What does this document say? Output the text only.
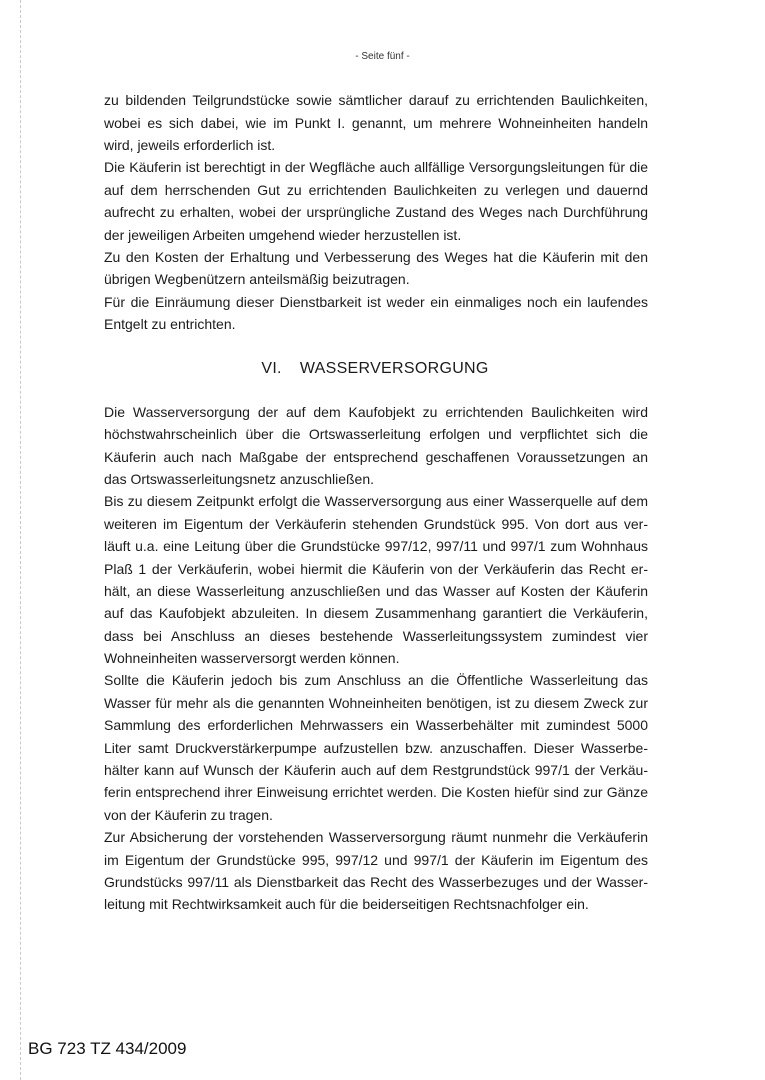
- Seite fünf -
zu bildenden Teilgrundstücke sowie sämtlicher darauf zu errichtenden Baulichkeiten,
wobei es sich dabei, wie im Punkt I. genannt, um mehrere Wohneinheiten handeln
wird, jeweils erforderlich ist.
Die Käuferin ist berechtigt in der Wegfläche auch allfällige Versorgungsleitungen für die
auf dem herrschenden Gut zu errichtenden Baulichkeiten zu verlegen und dauernd
aufrecht zu erhalten, wobei der ursprüngliche Zustand des Weges nach Durchführung
der jeweiligen Arbeiten umgehend wieder herzustellen ist.
Zu den Kosten der Erhaltung und Verbesserung des Weges hat die Käuferin mit den
übrigen Wegbenützern anteilsmäßig beizutragen.
Für die Einräumung dieser Dienstbarkeit ist weder ein einmaliges noch ein laufendes
Entgelt zu entrichten.
VI. WASSERVERSORGUNG
Die Wasserversorgung der auf dem Kaufobjekt zu errichtenden Baulichkeiten wird
höchstwahrscheinlich über die Ortswasserleitung erfolgen und verpflichtet sich die
Käuferin auch nach Maßgabe der entsprechend geschaffenen Voraussetzungen an
das Ortswasserleitungsnetz anzuschließen.
Bis zu diesem Zeitpunkt erfolgt die Wasserversorgung aus einer Wasserquelle auf dem
weiteren im Eigentum der Verkäuferin stehenden Grundstück 995. Von dort aus ver-
läuft u.a. eine Leitung über die Grundstücke 997/12, 997/11 und 997/1 zum Wohnhaus
Plaß 1 der Verkäuferin, wobei hiermit die Käuferin von der Verkäuferin das Recht er-
hält, an diese Wasserleitung anzuschließen und das Wasser auf Kosten der Käuferin
auf das Kaufobjekt abzuleiten. In diesem Zusammenhang garantiert die Verkäuferin,
dass bei Anschluss an dieses bestehende Wasserleitungssystem zumindest vier
Wohneinheiten wasserversorgt werden können.
Sollte die Käuferin jedoch bis zum Anschluss an die Öffentliche Wasserleitung das
Wasser für mehr als die genannten Wohneinheiten benötigen, ist zu diesem Zweck zur
Sammlung des erforderlichen Mehrwassers ein Wasserbehälter mit zumindest 5000
Liter samt Druckverstärkerpumpe aufzustellen bzw. anzuschaffen. Dieser Wasserbe-
hälter kann auf Wunsch der Käuferin auch auf dem Restgrundstück 997/1 der Verkäu-
ferin entsprechend ihrer Einweisung errichtet werden. Die Kosten hiefür sind zur Gänze
von der Käuferin zu tragen.
Zur Absicherung der vorstehenden Wasserversorgung räumt nunmehr die Verkäuferin
im Eigentum der Grundstücke 995, 997/12 und 997/1 der Käuferin im Eigentum des
Grundstücks 997/11 als Dienstbarkeit das Recht des Wasserbezuges und der Wasser-
leitung mit Rechtwirksamkeit auch für die beiderseitigen Rechtsnachfolger ein.
BG 723 TZ 434/2009
